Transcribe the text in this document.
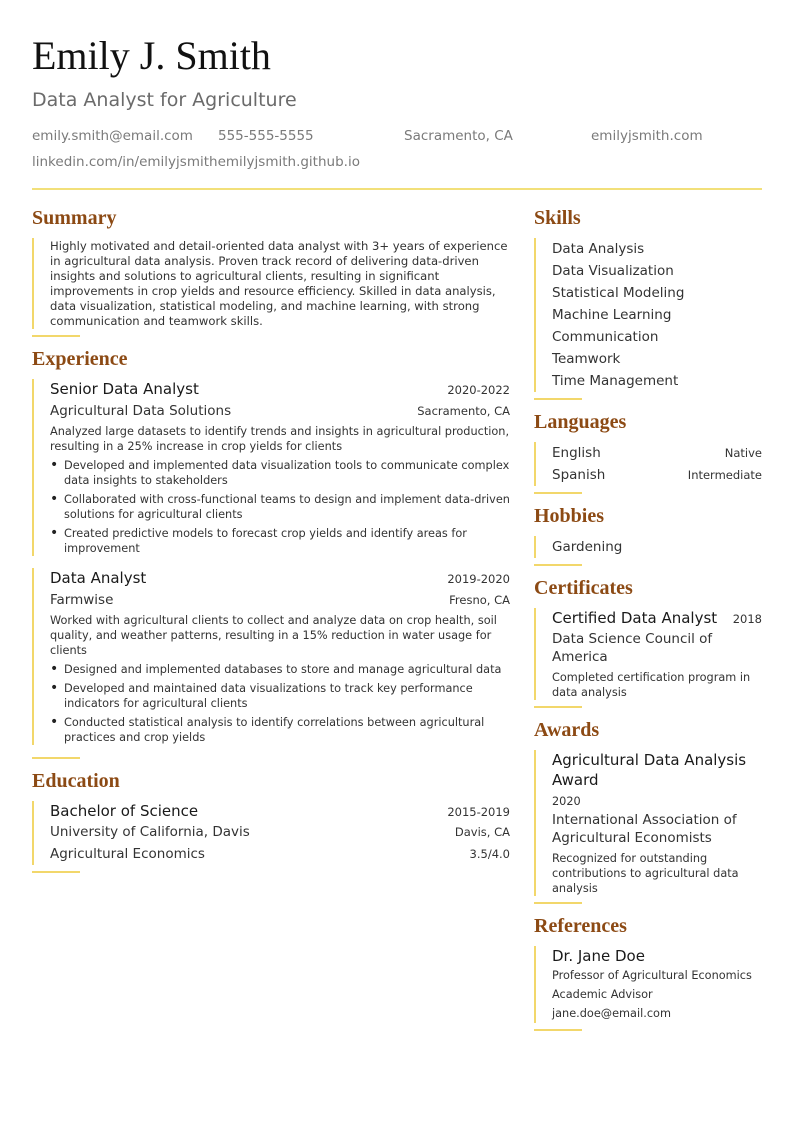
Emily J. Smith
Data Analyst for Agriculture
emily.smith@email.com 555-555-5555	Sacramento, CA	emilyjsmith.com
linkedin.com/in/emilyjsmithemilyjsmith.github.io
Summary
Highly motivated and detail-oriented data analyst with 3+ years of experience in agricultural data analysis. Proven track record of delivering data-driven insights and solutions to agricultural clients, resulting in significant improvements in crop yields and resource efficiency. Skilled in data analysis, data visualization, statistical modeling, and machine learning, with strong communication and teamwork skills.
Experience
Senior Data Analyst	2020-2022
Agricultural Data Solutions	Sacramento, CA
Analyzed large datasets to identify trends and insights in agricultural production, resulting in a 25% increase in crop yields for clients
• Developed and implemented data visualization tools to communicate complex data insights to stakeholders
• Collaborated with cross-functional teams to design and implement data-driven solutions for agricultural clients
• Created predictive models to forecast crop yields and identify areas for improvement
Data Analyst	2019-2020
Farmwise	Fresno, CA
Worked with agricultural clients to collect and analyze data on crop health, soil quality, and weather patterns, resulting in a 15% reduction in water usage for clients
• Designed and implemented databases to store and manage agricultural data
• Developed and maintained data visualizations to track key performance indicators for agricultural clients
• Conducted statistical analysis to identify correlations between agricultural practices and crop yields
Education
Bachelor of Science	2015-2019
University of California, Davis	Davis, CA
Agricultural Economics	3.5/4.0
Skills
Data Analysis
Data Visualization
Statistical Modeling
Machine Learning
Communication
Teamwork
Time Management
Languages
English	Native
Spanish	Intermediate
Hobbies
Gardening
Certificates
Certified Data Analyst 2018
Data Science Council of America
Completed certification program in data analysis
Awards
Agricultural Data Analysis Award
2020
International Association of Agricultural Economists
Recognized for outstanding contributions to agricultural data analysis
References
Dr. Jane Doe
Professor of Agricultural Economics
Academic Advisor
jane.doe@email.com
